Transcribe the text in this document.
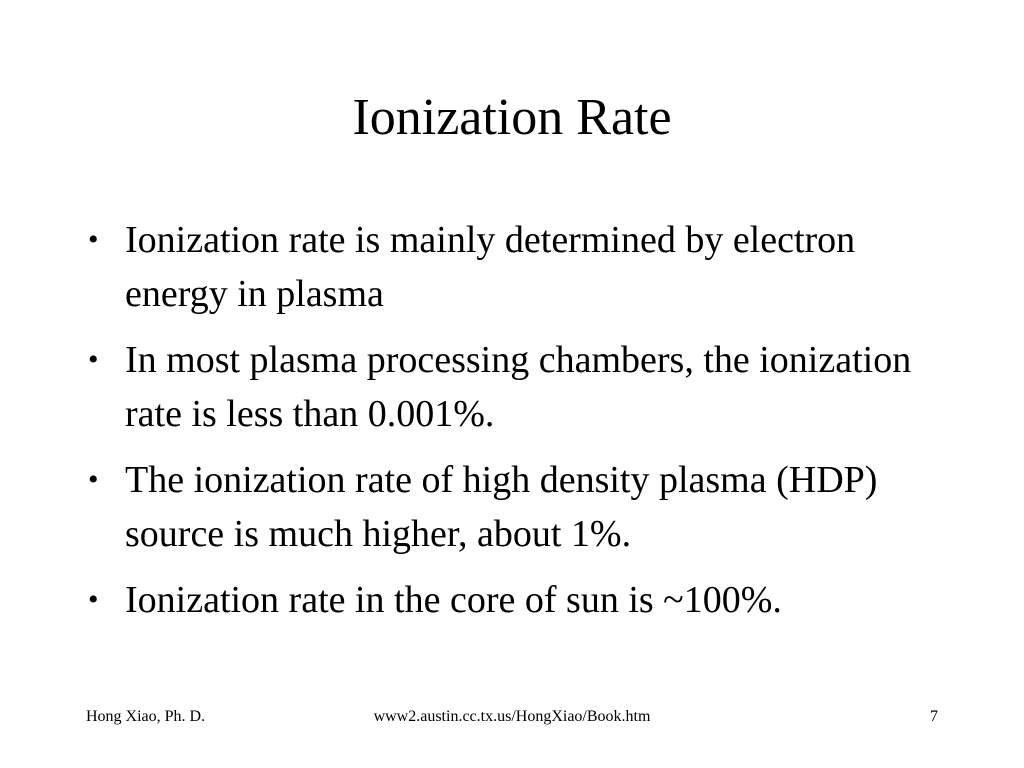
Ionization Rate
• Ionization rate is mainly determined by electron energy in plasma
• In most plasma processing chambers, the ionization rate is less than 0.001%.
• The ionization rate of high density plasma (HDP) source is much higher, about 1%.
• Ionization rate in the core of sun is ~100%.
Hong Xiao, Ph. D.	www2.austin.cc.tx.us/HongXiao/Book.htm	7
